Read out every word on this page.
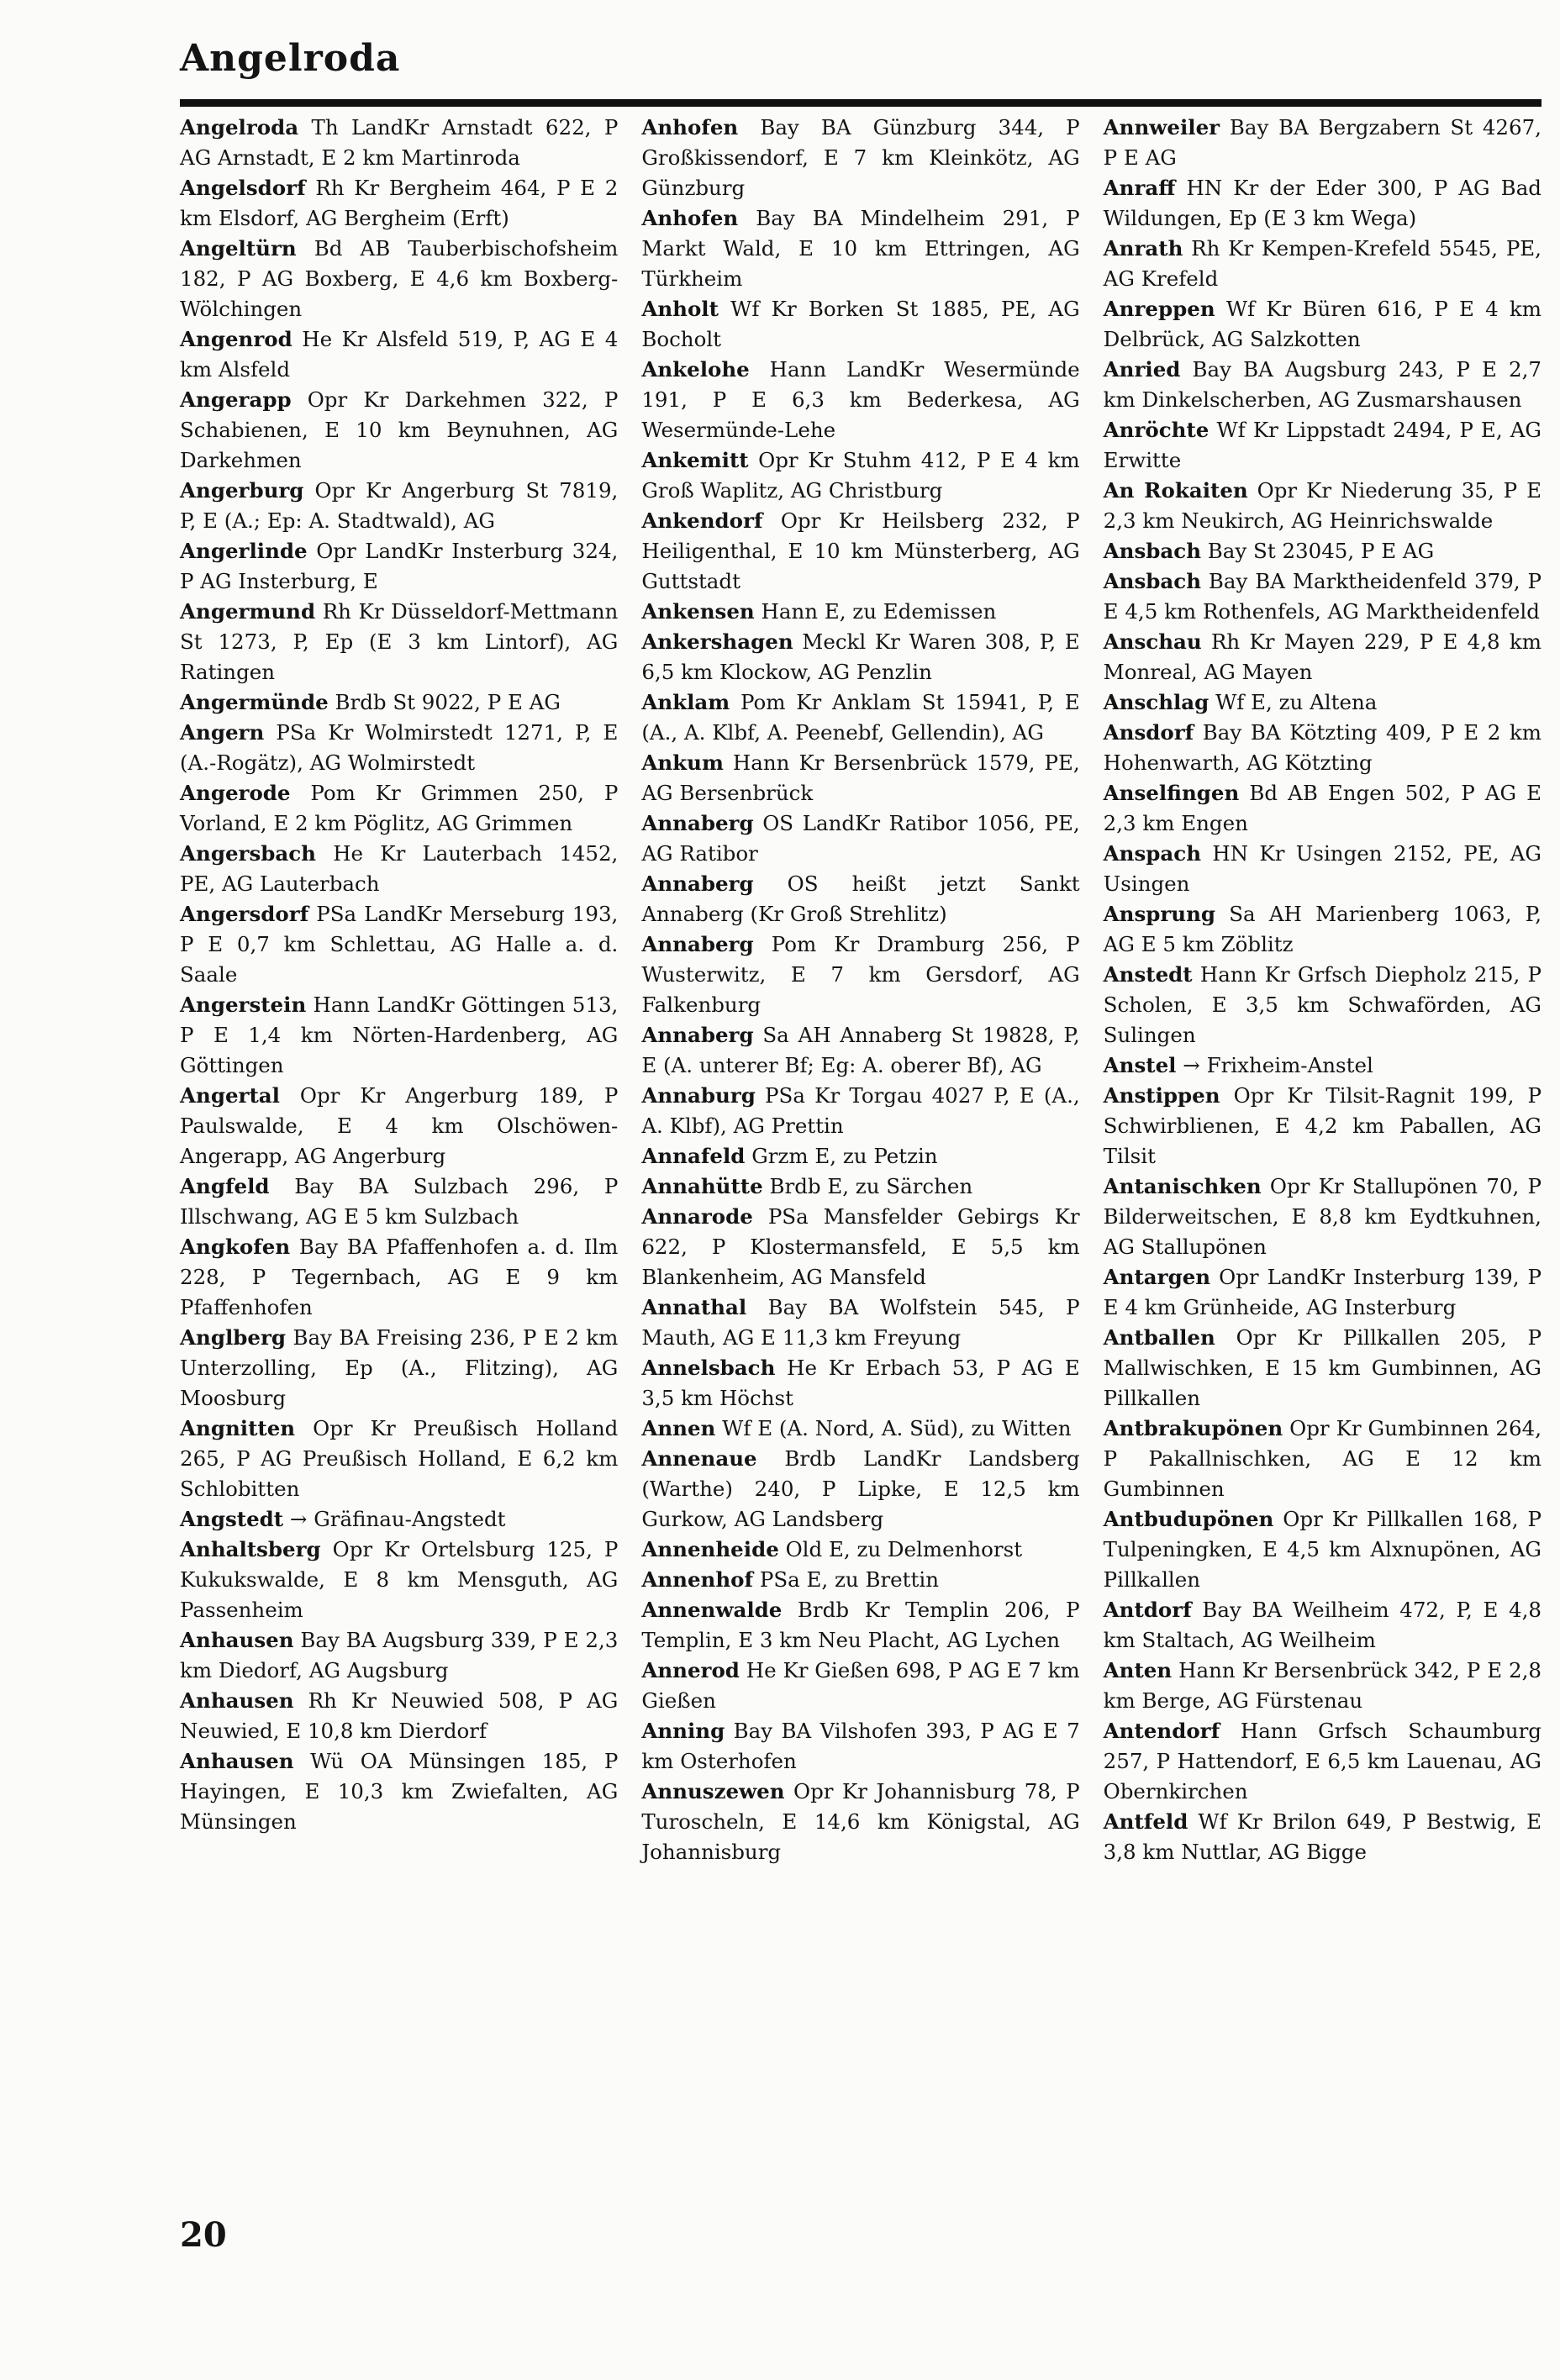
Angelroda

Angelroda Th LandKr Arnstadt 622, P AG Arnstadt, E 2 km Martinroda

Angelsdorf Rh Kr Bergheim 464, P E 2 km Elsdorf, AG Bergheim (Erft)

Angeltürn Bd AB Tauberbischofsheim 182, P AG Boxberg, E 4,6 km Boxberg-Wölchingen

Angenrod He Kr Alsfeld 519, P, AG E 4 km Alsfeld

Angerapp Opr Kr Darkehmen 322, P Schabienen, E 10 km Beynuhnen, AG Darkehmen

Angerburg Opr Kr Angerburg St 7819, P, E (A.; Ep: A. Stadtwald), AG

Angerlinde Opr LandKr Insterburg 324, P AG Insterburg, E

Angermund Rh Kr Düsseldorf-Mettmann St 1273, P, Ep (E 3 km Lintorf), AG Ratingen

Angermünde Brdb St 9022, P E AG

Angern PSa Kr Wolmirstedt 1271, P, E (A.-Rogätz), AG Wolmirstedt

Angerode Pom Kr Grimmen 250, P Vorland, E 2 km Pöglitz, AG Grimmen

Angersbach He Kr Lauterbach 1452, PE, AG Lauterbach

Angersdorf PSa LandKr Merseburg 193, P E 0,7 km Schlettau, AG Halle a. d. Saale

Angerstein Hann LandKr Göttingen 513, P E 1,4 km Nörten-Hardenberg, AG Göttingen

Angertal Opr Kr Angerburg 189, P Paulswalde, E 4 km Olschöwen-Angerapp, AG Angerburg

Angfeld Bay BA Sulzbach 296, P Illschwang, AG E 5 km Sulzbach

Angkofen Bay BA Pfaffenhofen a. d. Ilm 228, P Tegernbach, AG E 9 km Pfaffenhofen

Anglberg Bay BA Freising 236, P E 2 km Unterzolling, Ep (A., Flitzing), AG Moosburg

Angnitten Opr Kr Preußisch Holland 265, P AG Preußisch Holland, E 6,2 km Schlobitten

Angstedt → Gräfinau-Angstedt

Anhaltsberg Opr Kr Ortelsburg 125, P Kukukswalde, E 8 km Mensguth, AG Passenheim

Anhausen Bay BA Augsburg 339, P E 2,3 km Diedorf, AG Augsburg

Anhausen Rh Kr Neuwied 508, P AG Neuwied, E 10,8 km Dierdorf

Anhausen Wü OA Münsingen 185, P Hayingen, E 10,3 km Zwiefalten, AG Münsingen

Anhofen Bay BA Günzburg 344, P Großkissendorf, E 7 km Kleinkötz, AG Günzburg

Anhofen Bay BA Mindelheim 291, P Markt Wald, E 10 km Ettringen, AG Türkheim

Anholt Wf Kr Borken St 1885, PE, AG Bocholt

Ankelohe Hann LandKr Wesermünde 191, P E 6,3 km Bederkesa, AG Wesermünde-Lehe

Ankemitt Opr Kr Stuhm 412, P E 4 km Groß Waplitz, AG Christburg

Ankendorf Opr Kr Heilsberg 232, P Heiligenthal, E 10 km Münsterberg, AG Guttstadt

Ankensen Hann E, zu Edemissen

Ankershagen Meckl Kr Waren 308, P, E 6,5 km Klockow, AG Penzlin

Anklam Pom Kr Anklam St 15941, P, E (A., A. Klbf, A. Peenebf, Gellendin), AG

Ankum Hann Kr Bersenbrück 1579, PE, AG Bersenbrück

Annaberg OS LandKr Ratibor 1056, PE, AG Ratibor

Annaberg OS heißt jetzt Sankt Annaberg (Kr Groß Strehlitz)

Annaberg Pom Kr Dramburg 256, P Wusterwitz, E 7 km Gersdorf, AG Falkenburg

Annaberg Sa AH Annaberg St 19828, P, E (A. unterer Bf; Eg: A. oberer Bf), AG

Annaburg PSa Kr Torgau 4027 P, E (A., A. Klbf), AG Prettin

Annafeld Grzm E, zu Petzin

Annahütte Brdb E, zu Särchen

Annarode PSa Mansfelder Gebirgs Kr 622, P Klostermansfeld, E 5,5 km Blankenheim, AG Mansfeld

Annathal Bay BA Wolfstein 545, P Mauth, AG E 11,3 km Freyung

Annelsbach He Kr Erbach 53, P AG E 3,5 km Höchst

Annen Wf E (A. Nord, A. Süd), zu Witten

Annenaue Brdb LandKr Landsberg (Warthe) 240, P Lipke, E 12,5 km Gurkow, AG Landsberg

Annenheide Old E, zu Delmenhorst

Annenhof PSa E, zu Brettin

Annenwalde Brdb Kr Templin 206, P Templin, E 3 km Neu Placht, AG Lychen

Annerod He Kr Gießen 698, P AG E 7 km Gießen

Anning Bay BA Vilshofen 393, P AG E 7 km Osterhofen

Annuszewen Opr Kr Johannisburg 78, P Turoscheln, E 14,6 km Königstal, AG Johannisburg

Annweiler Bay BA Bergzabern St 4267, P E AG

Anraff HN Kr der Eder 300, P AG Bad Wildungen, Ep (E 3 km Wega)

Anrath Rh Kr Kempen-Krefeld 5545, PE, AG Krefeld

Anreppen Wf Kr Büren 616, P E 4 km Delbrück, AG Salzkotten

Anried Bay BA Augsburg 243, P E 2,7 km Dinkelscherben, AG Zusmarshausen

Anröchte Wf Kr Lippstadt 2494, P E, AG Erwitte

An Rokaiten Opr Kr Niederung 35, P E 2,3 km Neukirch, AG Heinrichswalde

Ansbach Bay St 23045, P E AG

Ansbach Bay BA Marktheidenfeld 379, P E 4,5 km Rothenfels, AG Marktheidenfeld

Anschau Rh Kr Mayen 229, P E 4,8 km Monreal, AG Mayen

Anschlag Wf E, zu Altena

Ansdorf Bay BA Kötzting 409, P E 2 km Hohenwarth, AG Kötzting

Anselfingen Bd AB Engen 502, P AG E 2,3 km Engen

Anspach HN Kr Usingen 2152, PE, AG Usingen

Ansprung Sa AH Marienberg 1063, P, AG E 5 km Zöblitz

Anstedt Hann Kr Grfsch Diepholz 215, P Scholen, E 3,5 km Schwaförden, AG Sulingen

Anstel → Frixheim-Anstel

Anstippen Opr Kr Tilsit-Ragnit 199, P Schwirblienen, E 4,2 km Paballen, AG Tilsit

Antanischken Opr Kr Stallupönen 70, P Bilderweitschen, E 8,8 km Eydtkuhnen, AG Stallupönen

Antargen Opr LandKr Insterburg 139, P E 4 km Grünheide, AG Insterburg

Antballen Opr Kr Pillkallen 205, P Mallwischken, E 15 km Gumbinnen, AG Pillkallen

Antbrakupönen Opr Kr Gumbinnen 264, P Pakallnischken, AG E 12 km Gumbinnen

Antbudupönen Opr Kr Pillkallen 168, P Tulpeningken, E 4,5 km Alxnupönen, AG Pillkallen

Antdorf Bay BA Weilheim 472, P, E 4,8 km Staltach, AG Weilheim

Anten Hann Kr Bersenbrück 342, P E 2,8 km Berge, AG Fürstenau

Antendorf Hann Grfsch Schaumburg 257, P Hattendorf, E 6,5 km Lauenau, AG Obernkirchen

Antfeld Wf Kr Brilon 649, P Bestwig, E 3,8 km Nuttlar, AG Bigge

20
